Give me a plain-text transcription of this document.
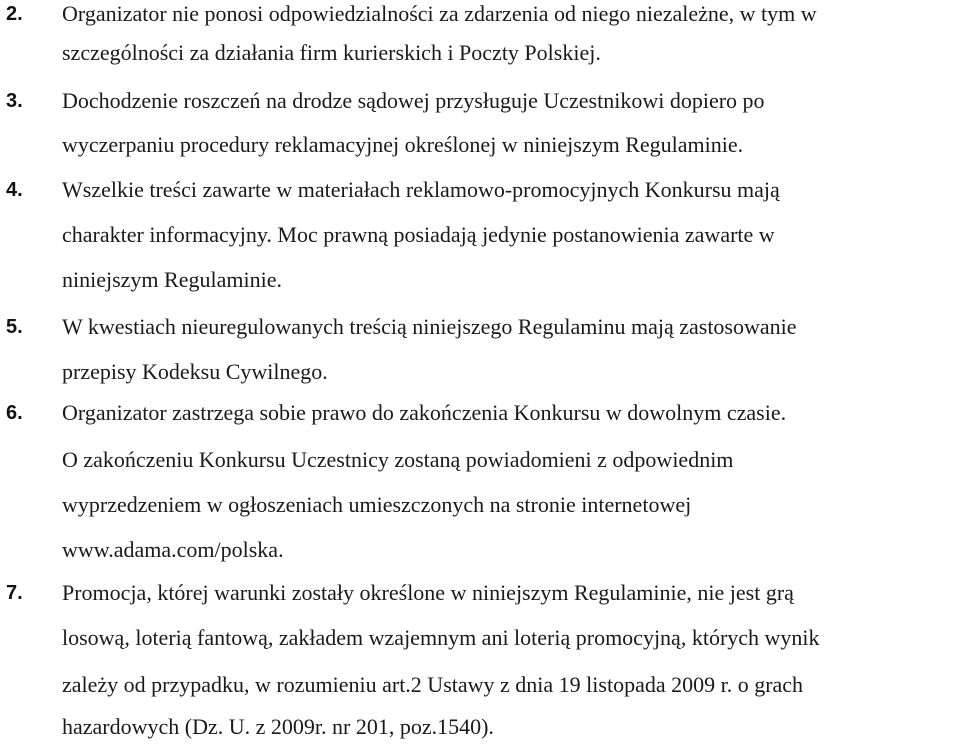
2. Organizator nie ponosi odpowiedzialności za zdarzenia od niego niezależne, w tym w
szczególności za działania firm kurierskich i Poczty Polskiej.
3. Dochodzenie roszczeń na drodze sądowej przysługuje Uczestnikowi dopiero po
wyczerpaniu procedury reklamacyjnej określonej w niniejszym Regulaminie.
4. Wszelkie treści zawarte w materiałach reklamowo-promocyjnych Konkursu mają
charakter informacyjny. Moc prawną posiadają jedynie postanowienia zawarte w
niniejszym Regulaminie.
5. W kwestiach nieuregulowanych treścią niniejszego Regulaminu mają zastosowanie
przepisy Kodeksu Cywilnego.
6. Organizator zastrzega sobie prawo do zakończenia Konkursu w dowolnym czasie.
O zakończeniu Konkursu Uczestnicy zostaną powiadomieni z odpowiednim
wyprzedzeniem w ogłoszeniach umieszczonych na stronie internetowej
www.adama.com/polska.
7. Promocja, której warunki zostały określone w niniejszym Regulaminie, nie jest grą
losową, loterią fantową, zakładem wzajemnym ani loterią promocyjną, których wynik
zależy od przypadku, w rozumieniu art.2 Ustawy z dnia 19 listopada 2009 r. o grach
hazardowych (Dz. U. z 2009r. nr 201, poz.1540).
